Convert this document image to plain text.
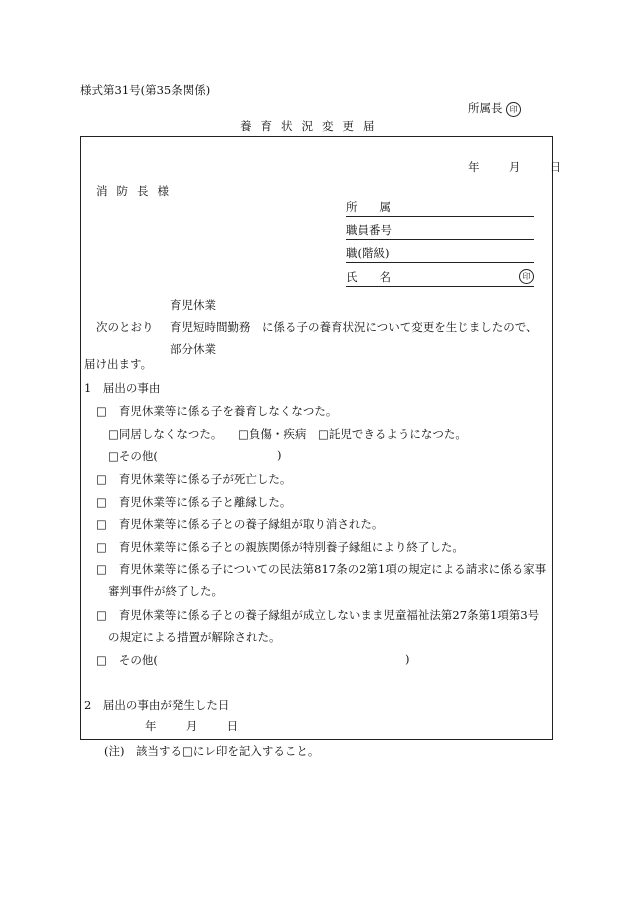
様式第31号(第35条関係)
所属長 印
養育状況変更届
年	月	日
消防長様
所属
職員番号
職(階級)
氏名	印
育児休業
次のとおり 育児短時間勤務 に係る子の養育状況について変更を生じましたので、
部分休業
届け出ます。
1　届出の事由
□ 育児休業等に係る子を養育しなくなつた。
□同居しなくなつた。 □負傷・疾病 □託児できるようになつた。
□その他(	)
□ 育児休業等に係る子が死亡した。
□ 育児休業等に係る子と離縁した。
□ 育児休業等に係る子との養子縁組が取り消された。
□ 育児休業等に係る子との親族関係が特別養子縁組により終了した。
□ 育児休業等に係る子についての民法第817条の2第1項の規定による請求に係る家事
審判事件が終了した。
□ 育児休業等に係る子との養子縁組が成立しないまま児童福祉法第27条第1項第3号
の規定による措置が解除された。
□ その他(	)
2　届出の事由が発生した日
年	月	日
(注)　該当する□にレ印を記入すること。
